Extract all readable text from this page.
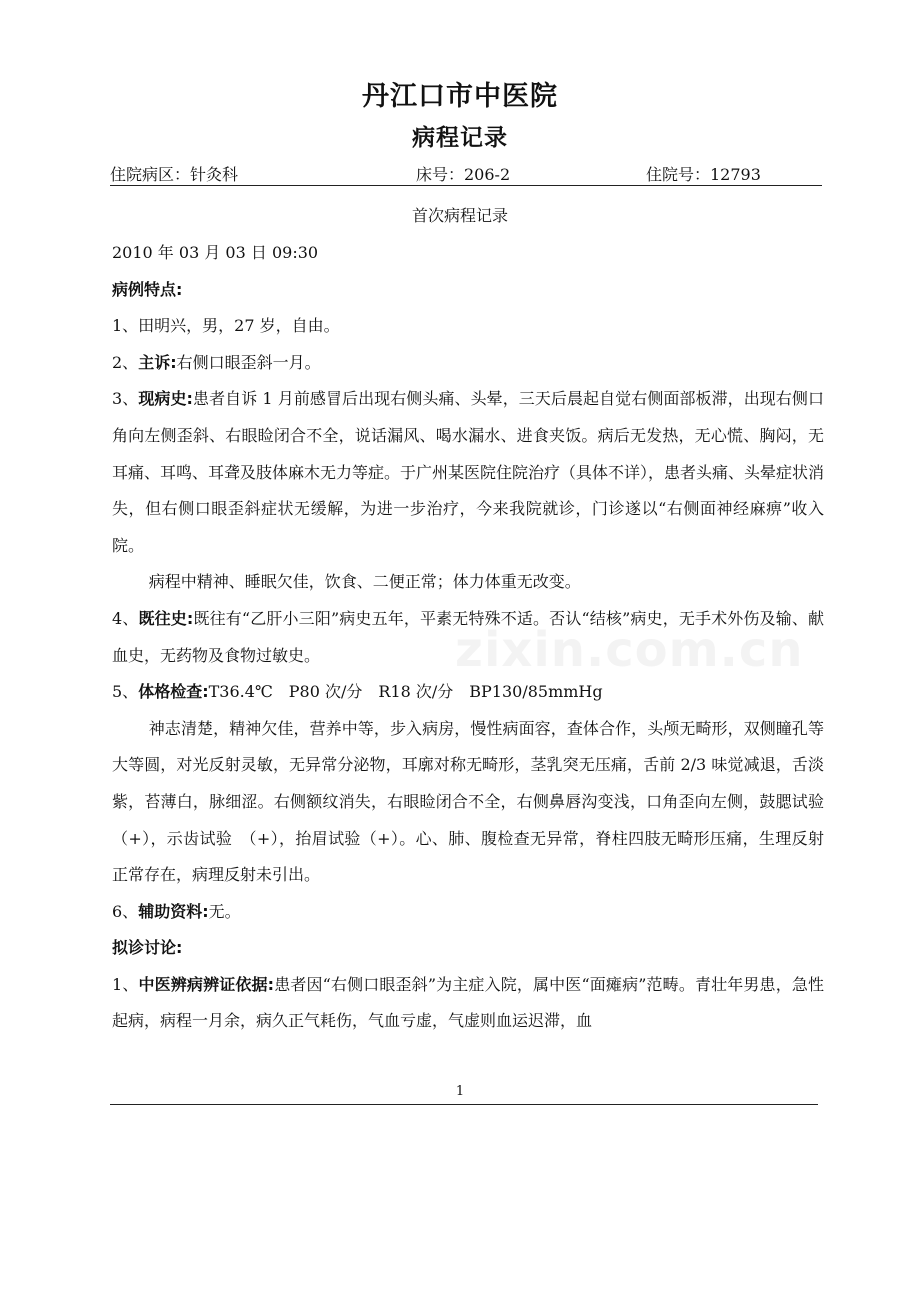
丹江口市中医院
病程记录
住院病区：针灸科	床号：206-2	住院号：12793
首次病程记录

2010 年 03 月 03 日 09:30

病例特点:

1、田明兴，男，27 岁，自由。

2、主诉:右侧口眼歪斜一月。

3、现病史:患者自诉 1 月前感冒后出现右侧头痛、头晕，三天后晨起自觉右侧面部板滞，出现右侧口角向左侧歪斜、右眼睑闭合不全，说话漏风、喝水漏水、进食夹饭。病后无发热，无心慌、胸闷，无耳痛、耳鸣、耳聋及肢体麻木无力等症。于广州某医院住院治疗（具体不详），患者头痛、头晕症状消失，但右侧口眼歪斜症状无缓解，为进一步治疗，今来我院就诊，门诊遂以“右侧面神经麻痹”收入院。

病程中精神、睡眠欠佳，饮食、二便正常；体力体重无改变。

4、既往史:既往有“乙肝小三阳”病史五年，平素无特殊不适。否认“结核”病史，无手术外伤及输、献血史，无药物及食物过敏史。

5、体格检查:T36.4℃　P80 次/分　R18 次/分　BP130/85mmHg

神志清楚，精神欠佳，营养中等，步入病房，慢性病面容，查体合作，头颅无畸形，双侧瞳孔等大等圆，对光反射灵敏，无异常分泌物，耳廓对称无畸形，茎乳突无压痛，舌前 2/3 味觉减退，舌淡紫，苔薄白，脉细涩。右侧额纹消失，右眼睑闭合不全，右侧鼻唇沟变浅，口角歪向左侧，鼓腮试验（+），示齿试验　（+），抬眉试验（+）。心、肺、腹检查无异常，脊柱四肢无畸形压痛，生理反射正常存在，病理反射未引出。

6、辅助资料:无。

拟诊讨论:

1、中医辨病辨证依据:患者因“右侧口眼歪斜”为主症入院，属中医“面瘫病”范畴。青壮年男患，急性起病，病程一月余，病久正气耗伤，气血亏虚，气虚则血运迟滞，血

1
zixin.com.cn
